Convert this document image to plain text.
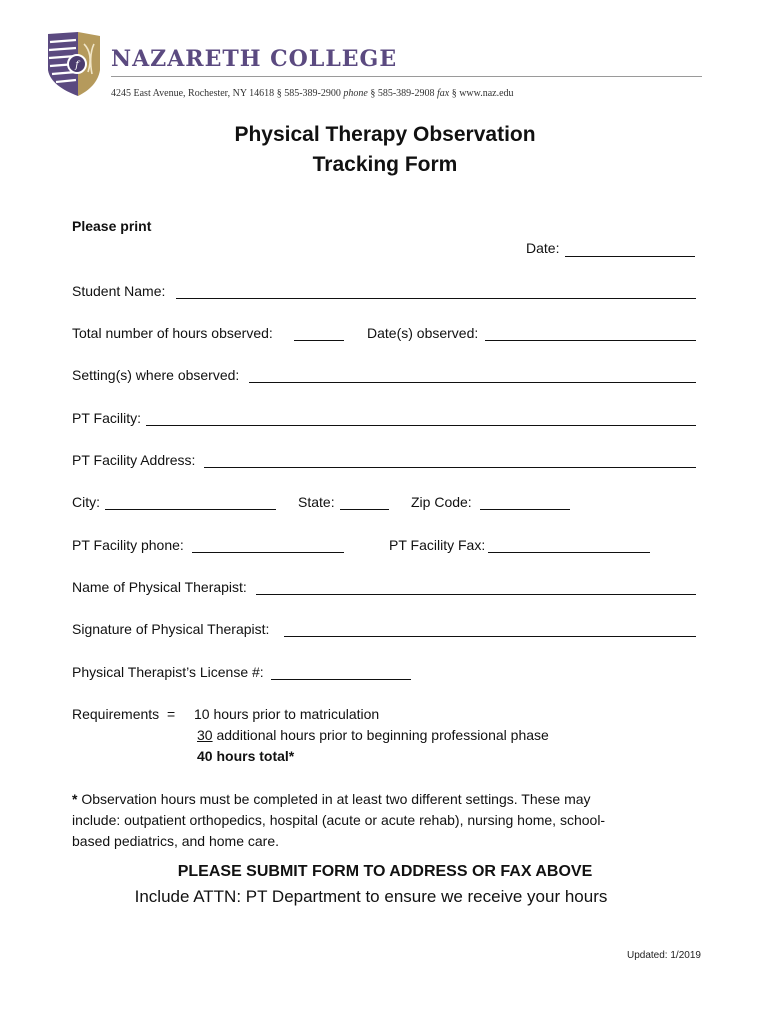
f NAZARETH COLLEGE
4245 East Avenue, Rochester, NY 14618 § 585-389-2900 phone § 585-389-2908 fax § www.naz.edu
Physical Therapy Observation
Tracking Form
Please print
Date:
Student Name:
Total number of hours observed:	Date(s) observed:
Setting(s) where observed:
PT Facility:
PT Facility Address:
City:	State:	Zip Code:
PT Facility phone:	PT Facility Fax:
Name of Physical Therapist:
Signature of Physical Therapist:
Physical Therapist’s License #:
Requirements = 10 hours prior to matriculation
30 additional hours prior to beginning professional phase
40 hours total*
* Observation hours must be completed in at least two different settings. These may
include: outpatient orthopedics, hospital (acute or acute rehab), nursing home, school-
based pediatrics, and home care.
PLEASE SUBMIT FORM TO ADDRESS OR FAX ABOVE
Include ATTN: PT Department to ensure we receive your hours
Updated: 1/2019
